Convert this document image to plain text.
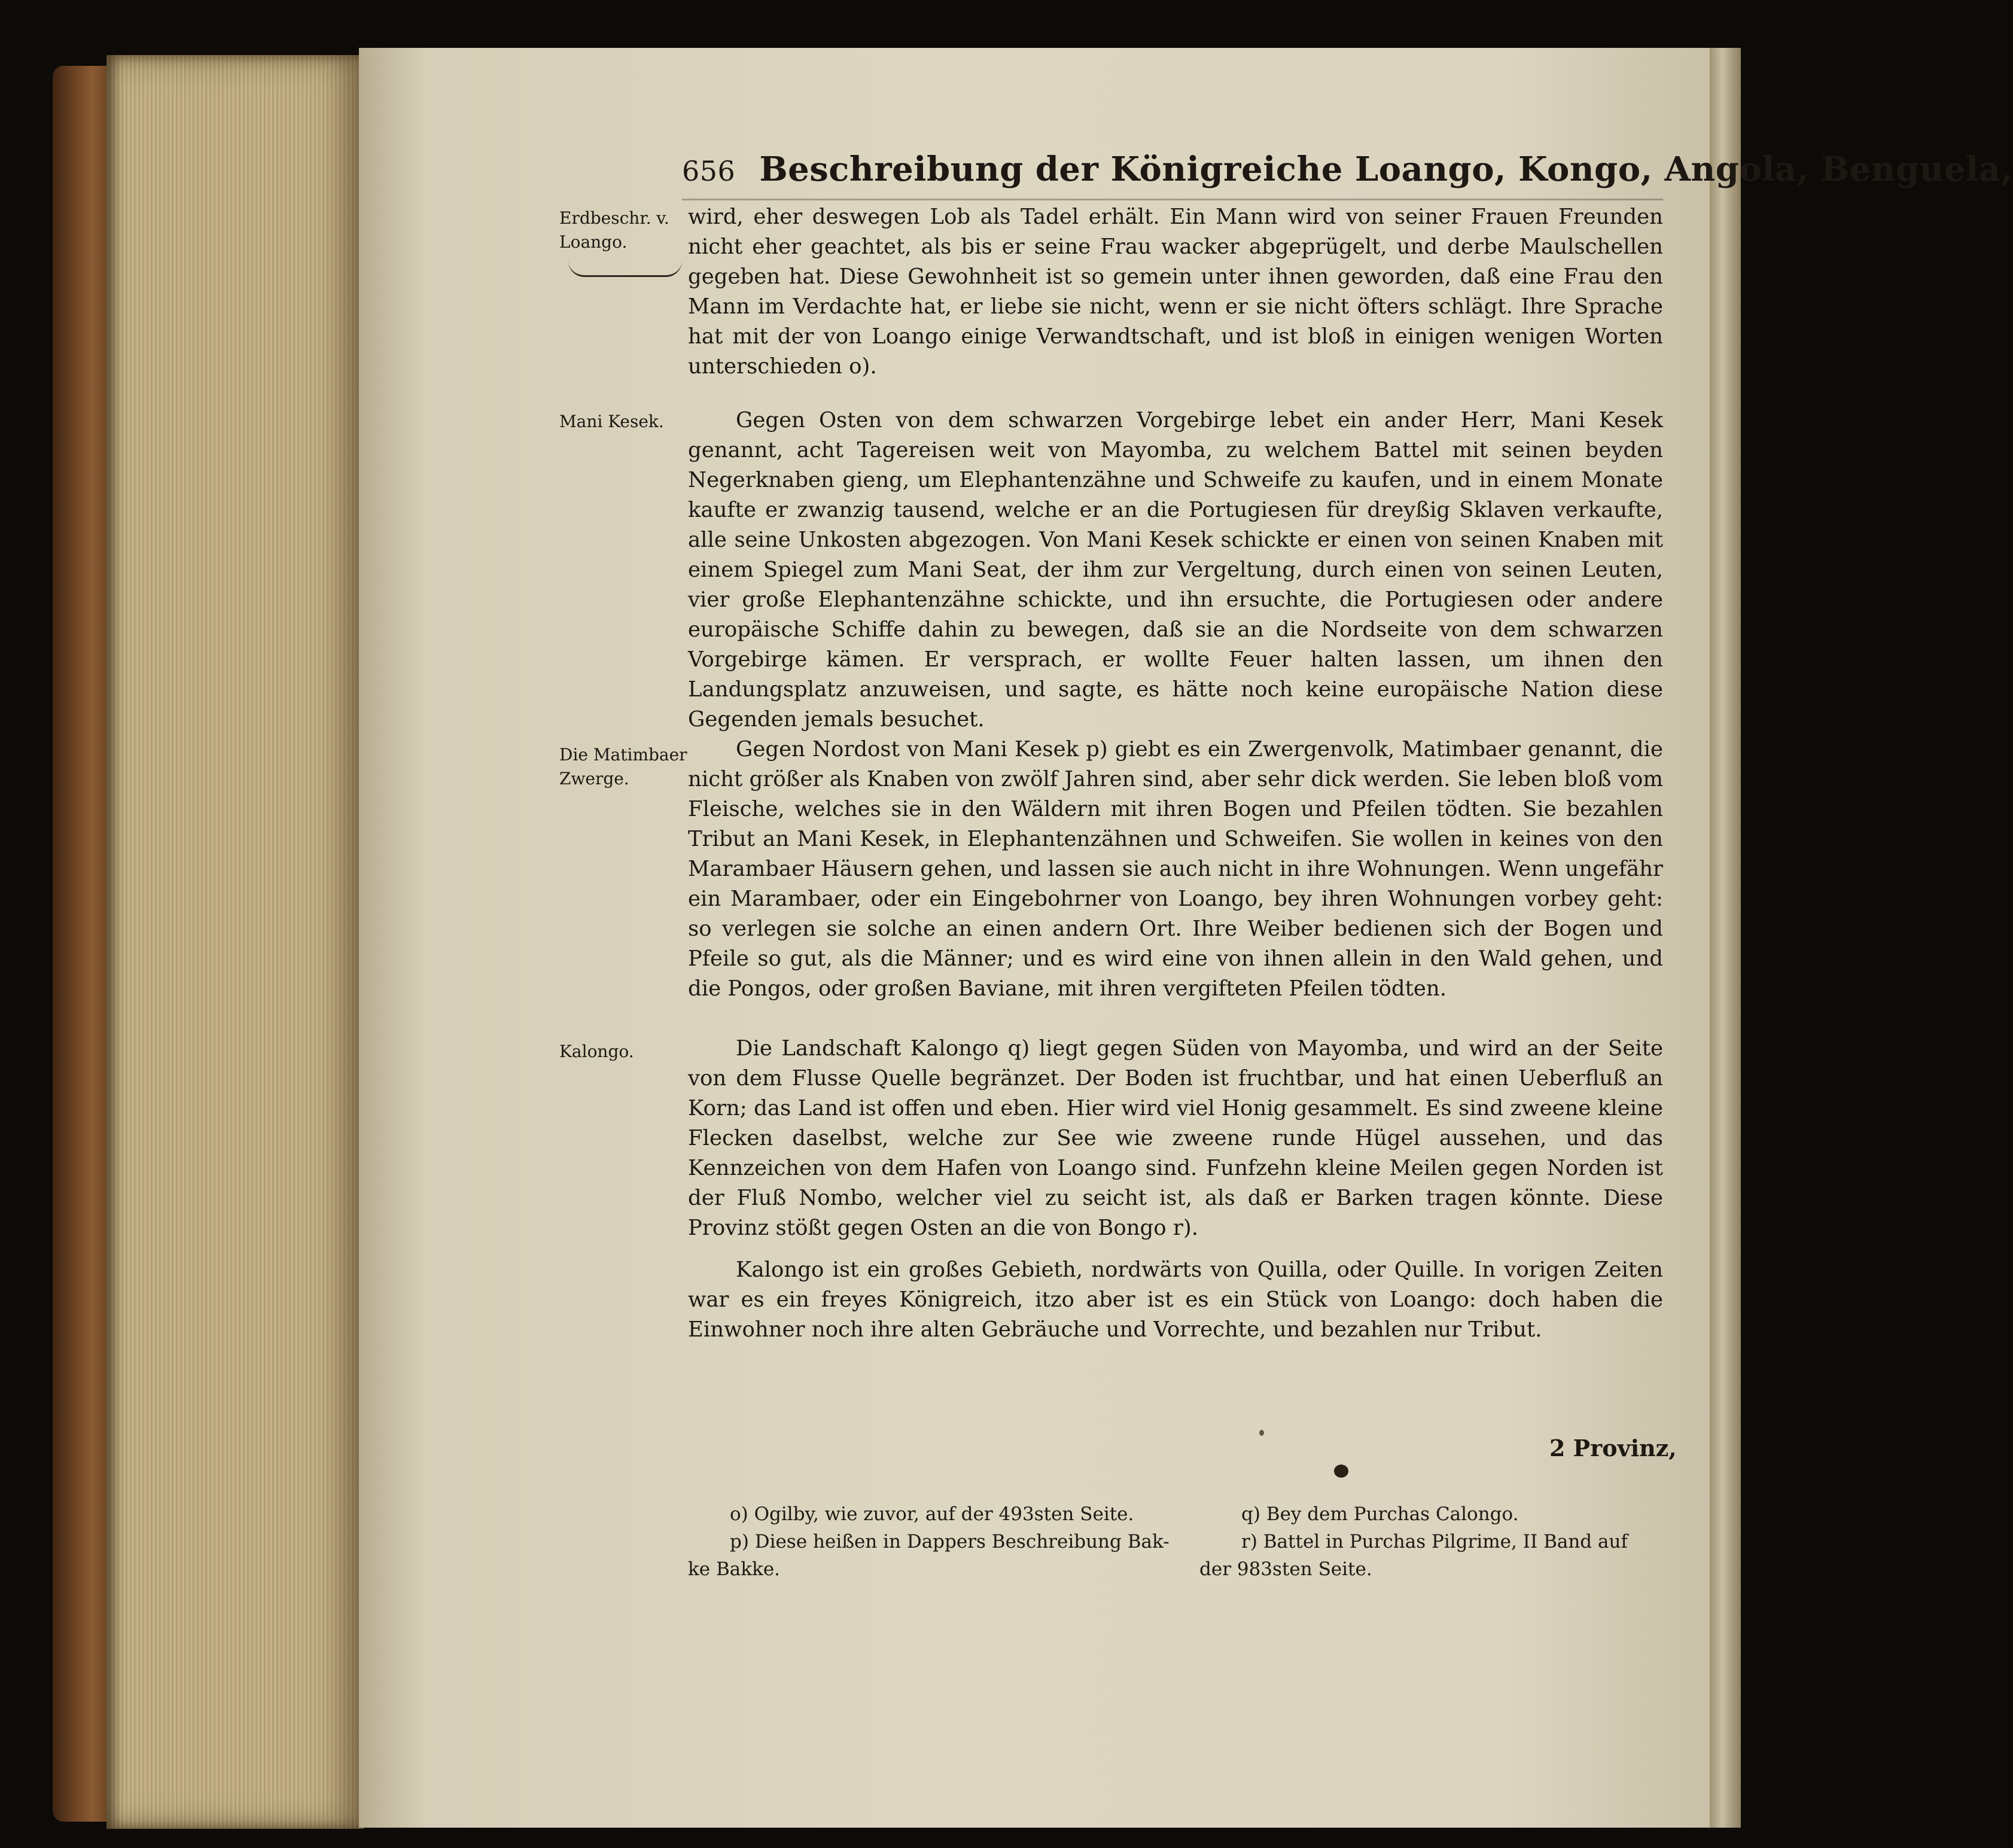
656 Beschreibung der Königreiche Loango, Kongo, Angola, Benguela,
Erdbeschr. v. Loango.
Mani Kesek.
Die Matimbaer Zwerge.
Kalongo.
wird, eher deswegen Lob als Tadel erhält. Ein Mann wird von seiner Frauen Freunden nicht eher geachtet, als bis er seine Frau wacker abgeprügelt, und derbe Maulschellen gegeben hat. Diese Gewohnheit ist so gemein unter ihnen geworden, daß eine Frau den Mann im Verdachte hat, er liebe sie nicht, wenn er sie nicht öfters schlägt. Ihre Sprache hat mit der von Loango einige Verwandtschaft, und ist bloß in einigen wenigen Worten unterschieden o).
Gegen Osten von dem schwarzen Vorgebirge lebet ein ander Herr, Mani Kesek genannt, acht Tagereisen weit von Mayomba, zu welchem Battel mit seinen beyden Negerknaben gieng, um Elephantenzähne und Schweife zu kaufen, und in einem Monate kaufte er zwanzig tausend, welche er an die Portugiesen für dreyßig Sklaven verkaufte, alle seine Unkosten abgezogen. Von Mani Kesek schickte er einen von seinen Knaben mit einem Spiegel zum Mani Seat, der ihm zur Vergeltung, durch einen von seinen Leuten, vier große Elephantenzähne schickte, und ihn ersuchte, die Portugiesen oder andere europäische Schiffe dahin zu bewegen, daß sie an die Nordseite von dem schwarzen Vorgebirge kämen. Er versprach, er wollte Feuer halten lassen, um ihnen den Landungsplatz anzuweisen, und sagte, es hätte noch keine europäische Nation diese Gegenden jemals besuchet.
Gegen Nordost von Mani Kesek p) giebt es ein Zwergenvolk, Matimbaer genannt, die nicht größer als Knaben von zwölf Jahren sind, aber sehr dick werden. Sie leben bloß vom Fleische, welches sie in den Wäldern mit ihren Bogen und Pfeilen tödten. Sie bezahlen Tribut an Mani Kesek, in Elephantenzähnen und Schweifen. Sie wollen in keines von den Marambaer Häusern gehen, und lassen sie auch nicht in ihre Wohnungen. Wenn ungefähr ein Marambaer, oder ein Eingebohrner von Loango, bey ihren Wohnungen vorbey geht: so verlegen sie solche an einen andern Ort. Ihre Weiber bedienen sich der Bogen und Pfeile so gut, als die Männer; und es wird eine von ihnen allein in den Wald gehen, und die Pongos, oder großen Baviane, mit ihren vergifteten Pfeilen tödten.
Die Landschaft Kalongo q) liegt gegen Süden von Mayomba, und wird an der Seite von dem Flusse Quelle begränzet. Der Boden ist fruchtbar, und hat einen Ueberfluß an Korn; das Land ist offen und eben. Hier wird viel Honig gesammelt. Es sind zweene kleine Flecken daselbst, welche zur See wie zweene runde Hügel aussehen, und das Kennzeichen von dem Hafen von Loango sind. Funfzehn kleine Meilen gegen Norden ist der Fluß Nombo, welcher viel zu seicht ist, als daß er Barken tragen könnte. Diese Provinz stößt gegen Osten an die von Bongo r).
Kalongo ist ein großes Gebieth, nordwärts von Quilla, oder Quille. In vorigen Zeiten war es ein freyes Königreich, itzo aber ist es ein Stück von Loango: doch haben die Einwohner noch ihre alten Gebräuche und Vorrechte, und bezahlen nur Tribut.
2 Provinz,
o) Ogilby, wie zuvor, auf der 493sten Seite.
p) Diese heißen in Dappers Beschreibung Bak-
ke Bakke.
q) Bey dem Purchas Calongo.
r) Battel in Purchas Pilgrime, II Band auf
der 983sten Seite.
